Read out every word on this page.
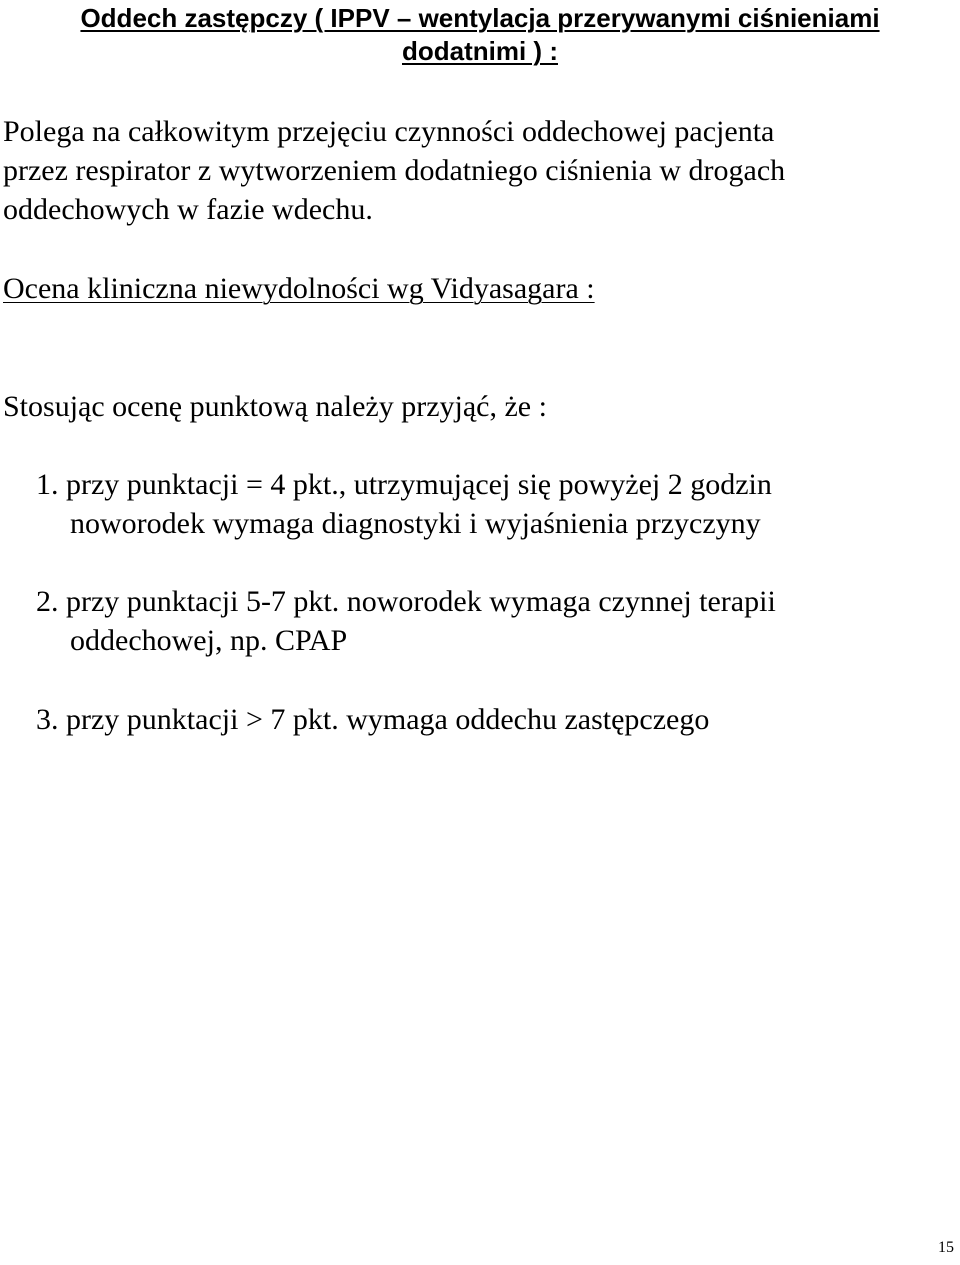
Oddech zastępczy ( IPPV – wentylacja przerywanymi ciśnieniami
dodatnimi ) :

Polega na całkowitym przejęciu czynności oddechowej pacjenta
przez respirator z wytworzeniem dodatniego ciśnienia w drogach
oddechowych w fazie wdechu.

Ocena kliniczna niewydolności wg Vidyasagara :

Stosując ocenę punktową należy przyjąć, że :

1. przy punktacji = 4 pkt., utrzymującej się powyżej 2 godzin
noworodek wymaga diagnostyki i wyjaśnienia przyczyny
2. przy punktacji 5-7 pkt. noworodek wymaga czynnej terapii
oddechowej, np. CPAP
3. przy punktacji > 7 pkt. wymaga oddechu zastępczego
15
